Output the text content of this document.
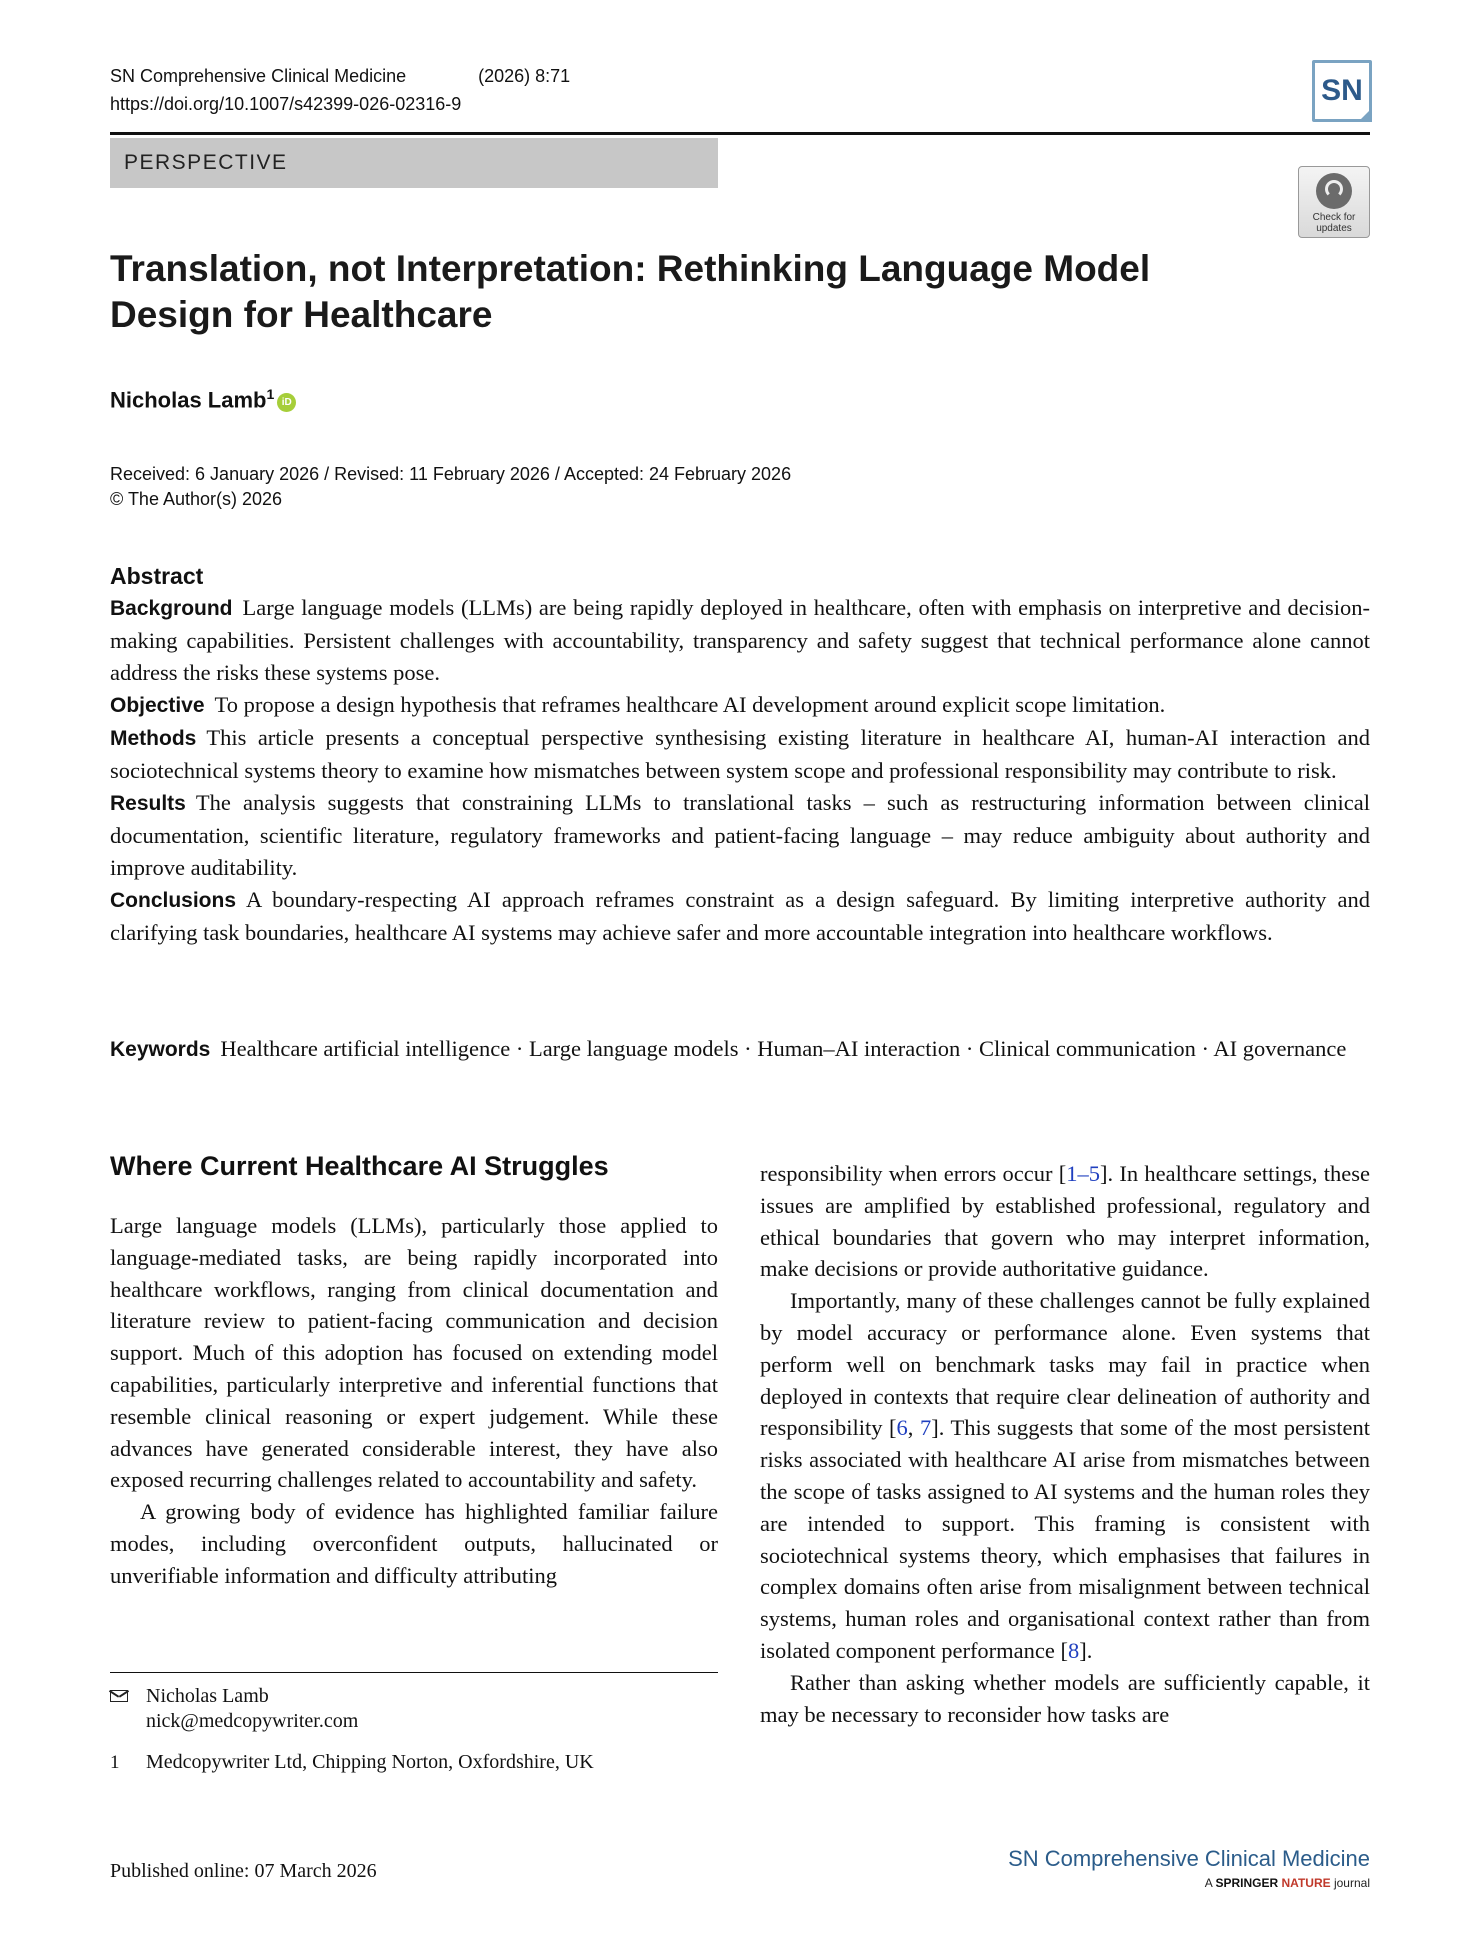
SN Comprehensive Clinical Medicine	(2026) 8:71
https://doi.org/10.1007/s42399-026-02316-9	SN
PERSPECTIVE
Check for
updates
Translation, not Interpretation: Rethinking Language Model Design for Healthcare
Nicholas Lamb$^1$iD
Received: 6 January 2026 / Revised: 11 February 2026 / Accepted: 24 February 2026
© The Author(s) 2026
Abstract

Background Large language models (LLMs) are being rapidly deployed in healthcare, often with emphasis on interpretive and decision-making capabilities. Persistent challenges with accountability, transparency and safety suggest that technical performance alone cannot address the risks these systems pose.

Objective To propose a design hypothesis that reframes healthcare AI development around explicit scope limitation.

Methods This article presents a conceptual perspective synthesising existing literature in healthcare AI, human-AI interaction and sociotechnical systems theory to examine how mismatches between system scope and professional responsibility may contribute to risk.

Results The analysis suggests that constraining LLMs to translational tasks – such as restructuring information between clinical documentation, scientific literature, regulatory frameworks and patient-facing language – may reduce ambiguity about authority and improve auditability.

Conclusions A boundary-respecting AI approach reframes constraint as a design safeguard. By limiting interpretive authority and clarifying task boundaries, healthcare AI systems may achieve safer and more accountable integration into healthcare workflows.

Keywords Healthcare artificial intelligence · Large language models · Human–AI interaction · Clinical communication · AI governance

Where Current Healthcare AI Struggles

Large language models (LLMs), particularly those applied to language-mediated tasks, are being rapidly incorporated into healthcare workflows, ranging from clinical documentation and literature review to patient-facing communication and decision support. Much of this adoption has focused on extending model capabilities, particularly interpretive and inferential functions that resemble clinical reasoning or expert judgement. While these advances have generated considerable interest, they have also exposed recurring challenges related to accountability and safety.

A growing body of evidence has highlighted familiar failure modes, including overconfident outputs, hallucinated or unverifiable information and difficulty attributing

responsibility when errors occur [1–5]. In healthcare settings, these issues are amplified by established professional, regulatory and ethical boundaries that govern who may interpret information, make decisions or provide authoritative guidance.

Importantly, many of these challenges cannot be fully explained by model accuracy or performance alone. Even systems that perform well on benchmark tasks may fail in practice when deployed in contexts that require clear delineation of authority and responsibility [6, 7]. This suggests that some of the most persistent risks associated with healthcare AI arise from mismatches between the scope of tasks assigned to AI systems and the human roles they are intended to support. This framing is consistent with sociotechnical systems theory, which emphasises that failures in complex domains often arise from misalignment between technical systems, human roles and organisational context rather than from isolated component performance [8].

Rather than asking whether models are sufficiently capable, it may be necessary to reconsider how tasks are

Nicholas Lamb
nick@medcopywriter.com
1	Medcopywriter Ltd, Chipping Norton, Oxfordshire, UK
Published online: 07 March 2026	SN Comprehensive Clinical Medicine
A SPRINGER NATURE journal
